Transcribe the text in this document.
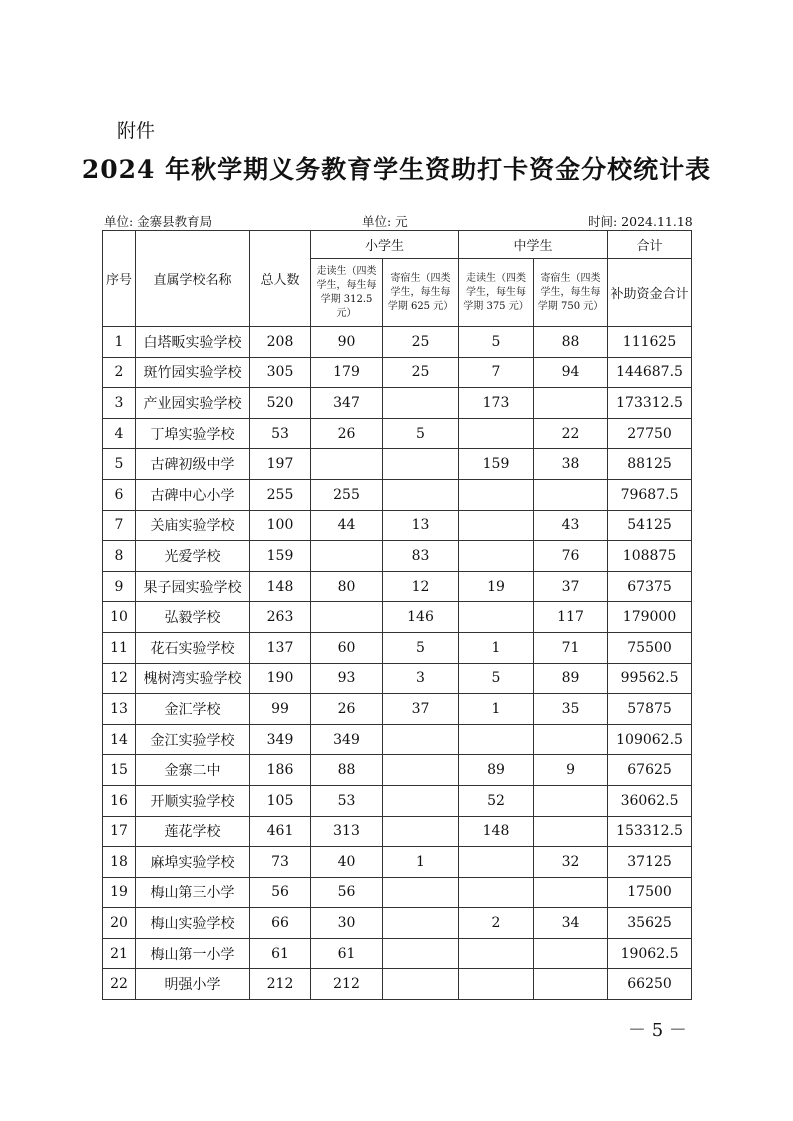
附件
2024 年秋学期义务教育学生资助打卡资金分校统计表
单位: 金寨县教育局	单位: 元	时间: 2024.11.18
序号	直属学校名称	总人数	小学生		中学生		合计
			走读生（四类学生，每生每学期 312.5 元）	寄宿生（四类学生，每生每学期 625 元）	走读生（四类学生，每生每学期 375 元）	寄宿生（四类学生，每生每学期 750 元）	补助资金合计
1	白塔畈实验学校	208	90	25	5	88	111625
2	斑竹园实验学校	305	179	25	7	94	144687.5
3	产业园实验学校	520	347		173		173312.5
4	丁埠实验学校	53	26	5		22	27750
5	古碑初级中学	197			159	38	88125
6	古碑中心小学	255	255				79687.5
7	关庙实验学校	100	44	13		43	54125
8	光爱学校	159		83		76	108875
9	果子园实验学校	148	80	12	19	37	67375
10	弘毅学校	263		146		117	179000
11	花石实验学校	137	60	5	1	71	75500
12	槐树湾实验学校	190	93	3	5	89	99562.5
13	金汇学校	99	26	37	1	35	57875
14	金江实验学校	349	349				109062.5
15	金寨二中	186	88		89	9	67625
16	开顺实验学校	105	53		52		36062.5
17	莲花学校	461	313		148		153312.5
18	麻埠实验学校	73	40	1		32	37125
19	梅山第三小学	56	56				17500
20	梅山实验学校	66	30		2	34	35625
21	梅山第一小学	61	61				19062.5
22	明强小学	212	212				66250
－ 5 －
